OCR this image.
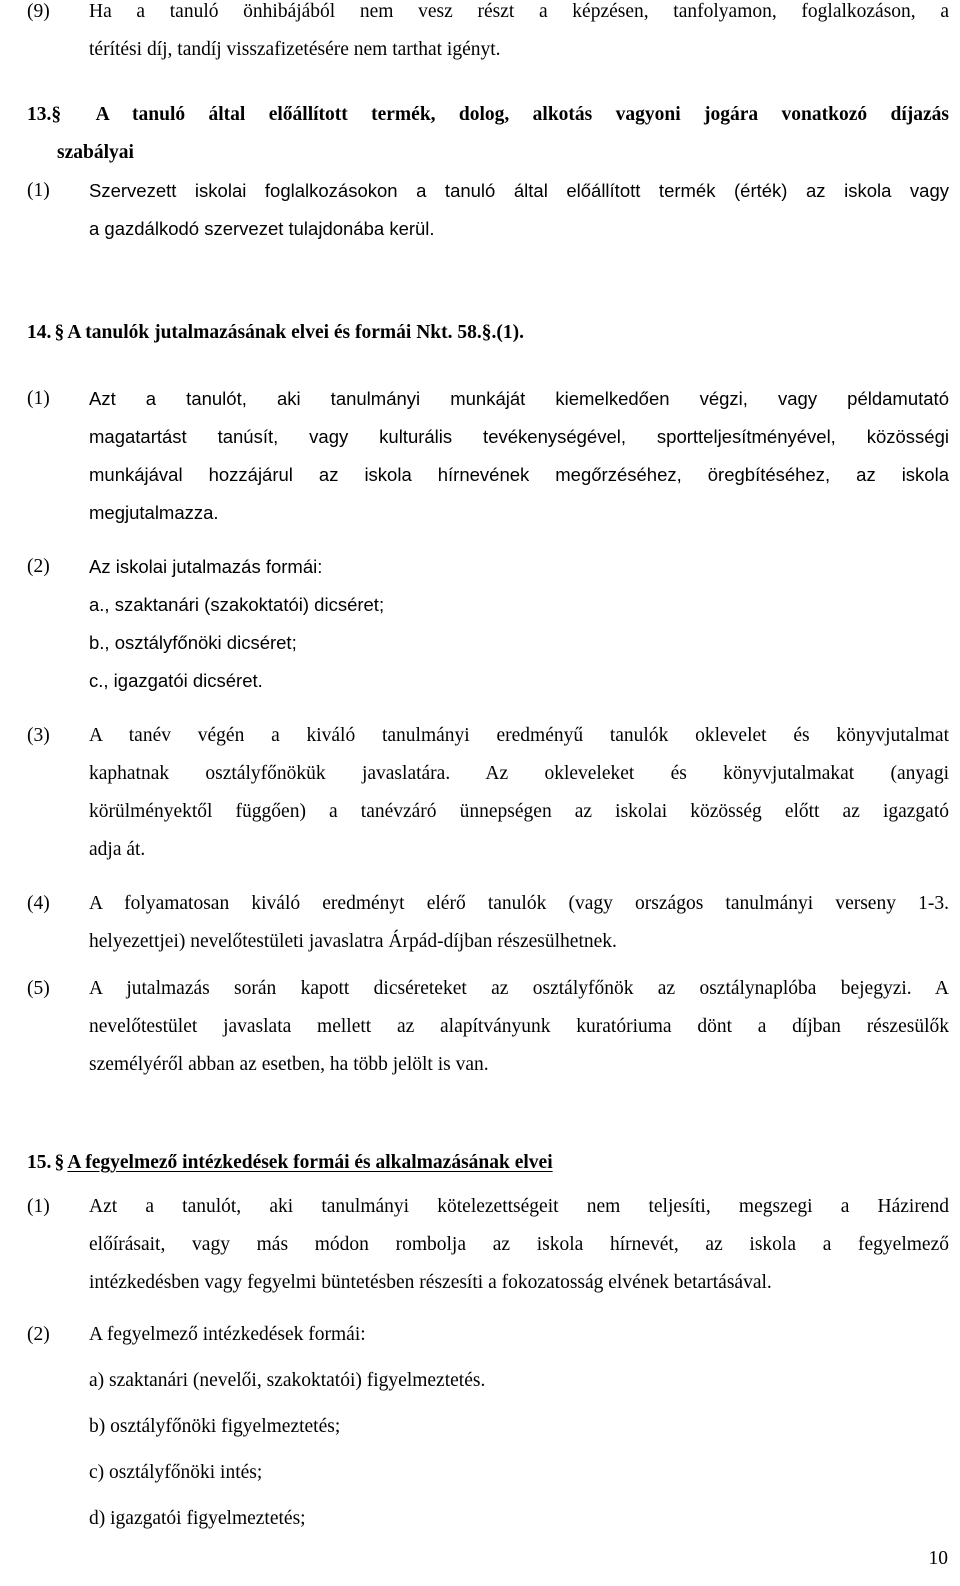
(9)	Ha a tanuló önhibájából nem vesz részt a képzésen, tanfolyamon, foglalkozáson, a
térítési díj, tandíj visszafizetésére nem tarthat igényt.
13.§ A tanuló által előállított termék, dolog, alkotás vagyoni jogára vonatkozó díjazás
szabályai
(1)	Szervezett iskolai foglalkozásokon a tanuló által előállított termék (érték) az iskola vagy
a gazdálkodó szervezet tulajdonába kerül.
14. § A tanulók jutalmazásának elvei és formái Nkt. 58.§.(1).
(1)	Azt a tanulót, aki tanulmányi munkáját kiemelkedően végzi, vagy példamutató
magatartást tanúsít, vagy kulturális tevékenységével, sportteljesítményével, közösségi
munkájával hozzájárul az iskola hírnevének megőrzéséhez, öregbítéséhez, az iskola
megjutalmazza.
(2)	Az iskolai jutalmazás formái:
a., szaktanári (szakoktatói) dicséret;
b., osztályfőnöki dicséret;
c., igazgatói dicséret.
(3)	A tanév végén a kiváló tanulmányi eredményű tanulók oklevelet és könyvjutalmat
kaphatnak osztályfőnökük javaslatára. Az okleveleket és könyvjutalmakat (anyagi
körülményektől függően) a tanévzáró ünnepségen az iskolai közösség előtt az igazgató
adja át.
(4)	A folyamatosan kiváló eredményt elérő tanulók (vagy országos tanulmányi verseny 1-3.
helyezettjei) nevelőtestületi javaslatra Árpád-díjban részesülhetnek.
(5)	A jutalmazás során kapott dicséreteket az osztályfőnök az osztálynaplóba bejegyzi. A
nevelőtestület javaslata mellett az alapítványunk kuratóriuma dönt a díjban részesülők
személyéről abban az esetben, ha több jelölt is van.
15. § A fegyelmező intézkedések formái és alkalmazásának elvei
(1)	Azt a tanulót, aki tanulmányi kötelezettségeit nem teljesíti, megszegi a Házirend
előírásait, vagy más módon rombolja az iskola hírnevét, az iskola a fegyelmező
intézkedésben vagy fegyelmi büntetésben részesíti a fokozatosság elvének betartásával.
(2)	A fegyelmező intézkedések formái:
a) szaktanári (nevelői, szakoktatói) figyelmeztetés.
b) osztályfőnöki figyelmeztetés;
c) osztályfőnöki intés;
d) igazgatói figyelmeztetés;
10
